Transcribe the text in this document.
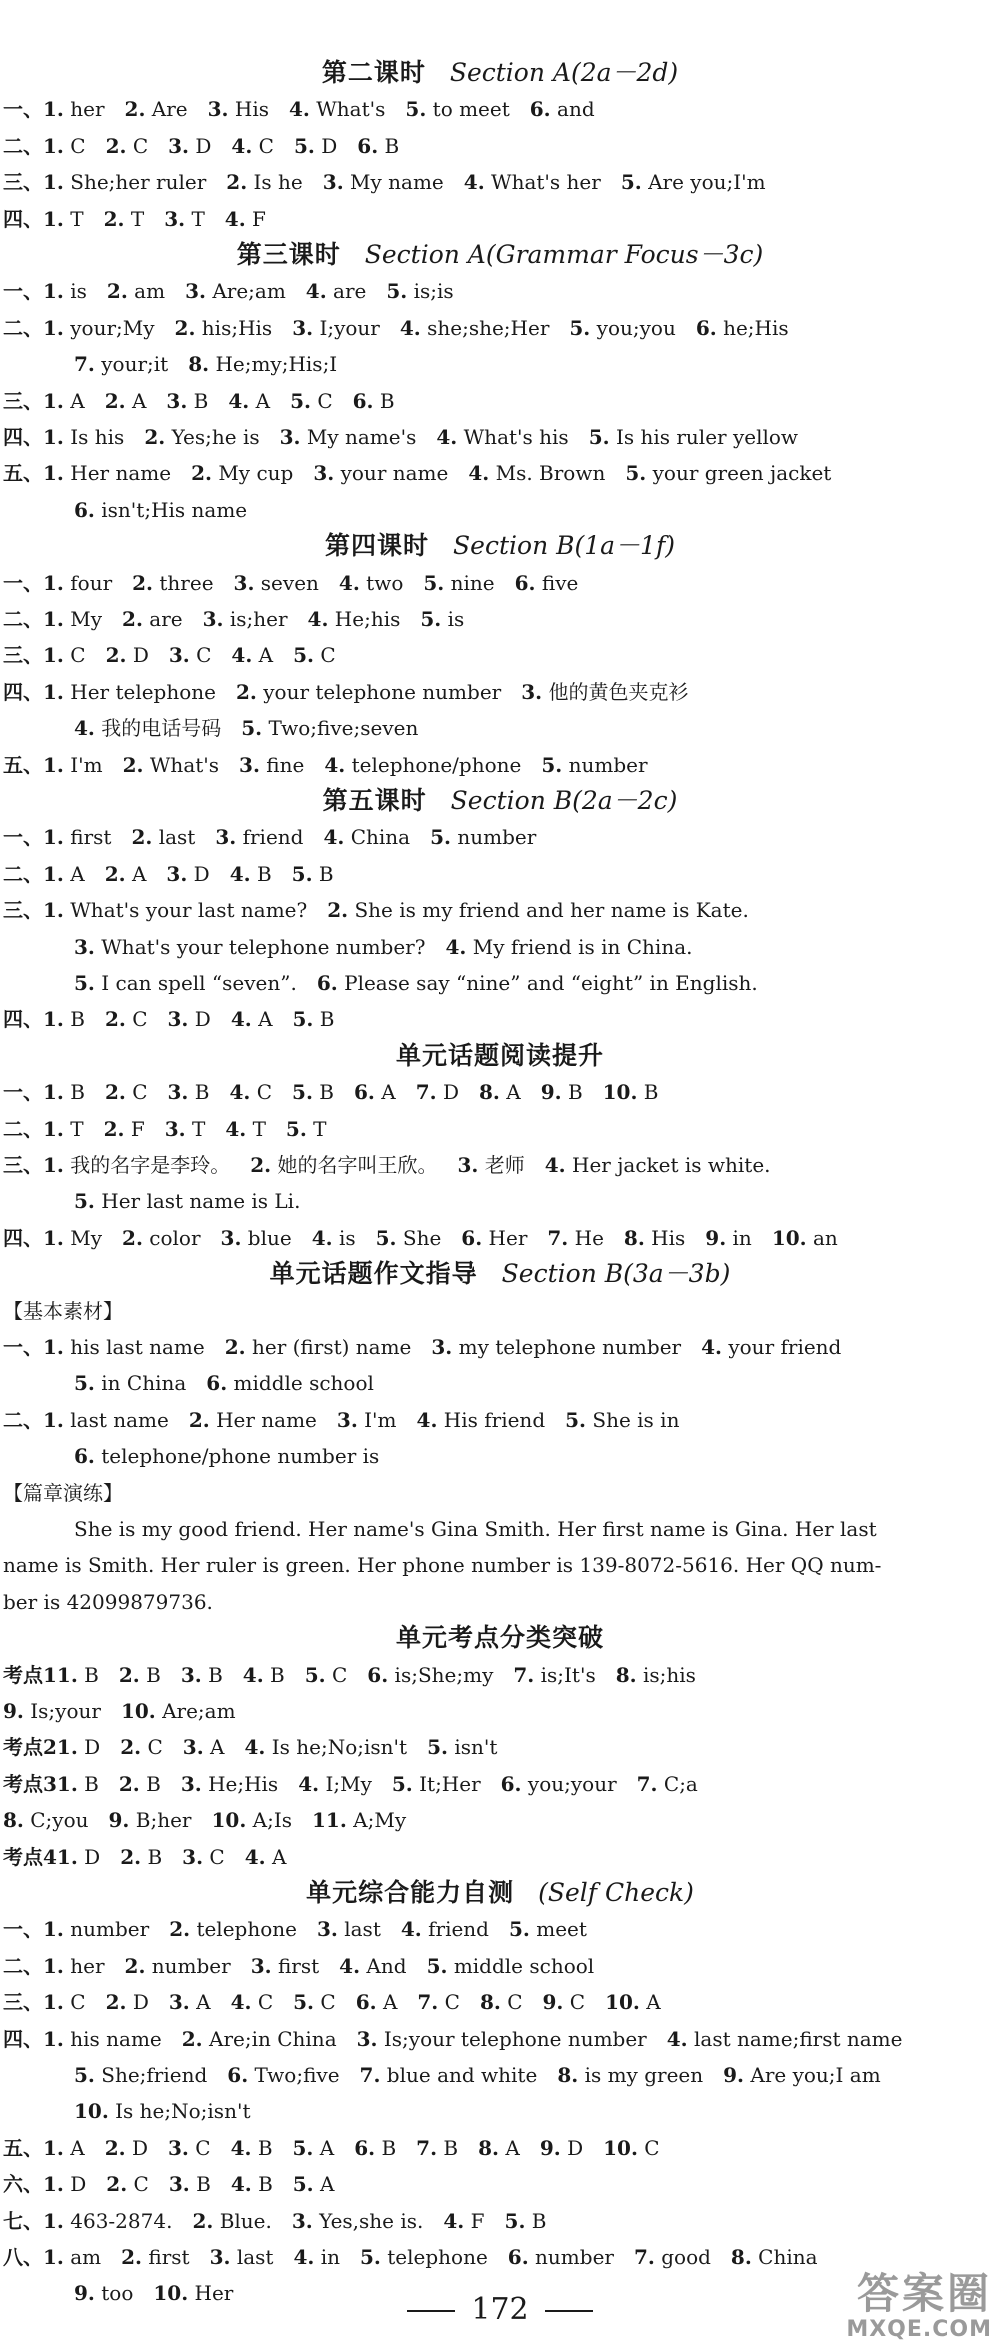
第二课时 Section A(2a－2d)
一、1. her 2. Are 3. His 4. What's 5. to meet 6. and
二、1. C 2. C 3. D 4. C 5. D 6. B
三、1. She;her ruler 2. Is he 3. My name 4. What's her 5. Are you;I'm
四、1. T 2. T 3. T 4. F
第三课时 Section A(Grammar Focus－3c)
一、1. is 2. am 3. Are;am 4. are 5. is;is
二、1. your;My 2. his;His 3. I;your 4. she;she;Her 5. you;you 6. he;His
7. your;it 8. He;my;His;I
三、1. A 2. A 3. B 4. A 5. C 6. B
四、1. Is his 2. Yes;he is 3. My name's 4. What's his 5. Is his ruler yellow
五、1. Her name 2. My cup 3. your name 4. Ms. Brown 5. your green jacket
6. isn't;His name
第四课时 Section B(1a－1f)
一、1. four 2. three 3. seven 4. two 5. nine 6. five
二、1. My 2. are 3. is;her 4. He;his 5. is
三、1. C 2. D 3. C 4. A 5. C
四、1. Her telephone 2. your telephone number 3. 他的黄色夹克衫
4. 我的电话号码 5. Two;five;seven
五、1. I'm 2. What's 3. fine 4. telephone/phone 5. number
第五课时 Section B(2a－2c)
一、1. first 2. last 3. friend 4. China 5. number
二、1. A 2. A 3. D 4. B 5. B
三、1. What's your last name? 2. She is my friend and her name is Kate.
3. What's your telephone number? 4. My friend is in China.
5. I can spell “seven”. 6. Please say “nine” and “eight” in English.
四、1. B 2. C 3. D 4. A 5. B
单元话题阅读提升
一、1. B 2. C 3. B 4. C 5. B 6. A 7. D 8. A 9. B 10. B
二、1. T 2. F 3. T 4. T 5. T
三、1. 我的名字是李玲。 2. 她的名字叫王欣。 3. 老师 4. Her jacket is white.
5. Her last name is Li.
四、1. My 2. color 3. blue 4. is 5. She 6. Her 7. He 8. His 9. in 10. an
单元话题作文指导 Section B(3a－3b)
【基本素材】
一、1. his last name 2. her (first) name 3. my telephone number 4. your friend
5. in China 6. middle school
二、1. last name 2. Her name 3. I'm 4. His friend 5. She is in
6. telephone/phone number is
【篇章演练】
She is my good friend. Her name's Gina Smith. Her first name is Gina. Her last
name is Smith. Her ruler is green. Her phone number is 139-8072-5616. Her QQ num-
ber is 42099879736.
单元考点分类突破
考点11. B 2. B 3. B 4. B 5. C 6. is;She;my 7. is;It's 8. is;his
9. Is;your 10. Are;am
考点21. D 2. C 3. A 4. Is he;No;isn't 5. isn't
考点31. B 2. B 3. He;His 4. I;My 5. It;Her 6. you;your 7. C;a
8. C;you 9. B;her 10. A;Is 11. A;My
考点41. D 2. B 3. C 4. A
单元综合能力自测 (Self Check)
一、1. number 2. telephone 3. last 4. friend 5. meet
二、1. her 2. number 3. first 4. And 5. middle school
三、1. C 2. D 3. A 4. C 5. C 6. A 7. C 8. C 9. C 10. A
四、1. his name 2. Are;in China 3. Is;your telephone number 4. last name;first name
5. She;friend 6. Two;five 7. blue and white 8. is my green 9. Are you;I am
10. Is he;No;isn't
五、1. A 2. D 3. C 4. B 5. A 6. B 7. B 8. A 9. D 10. C
六、1. D 2. C 3. B 4. B 5. A
七、1. 463-2874. 2. Blue. 3. Yes,she is. 4. F 5. B
八、1. am 2. first 3. last 4. in 5. telephone 6. number 7. good 8. China
9. too 10. Her	172	答案圈
MXQE.COM
